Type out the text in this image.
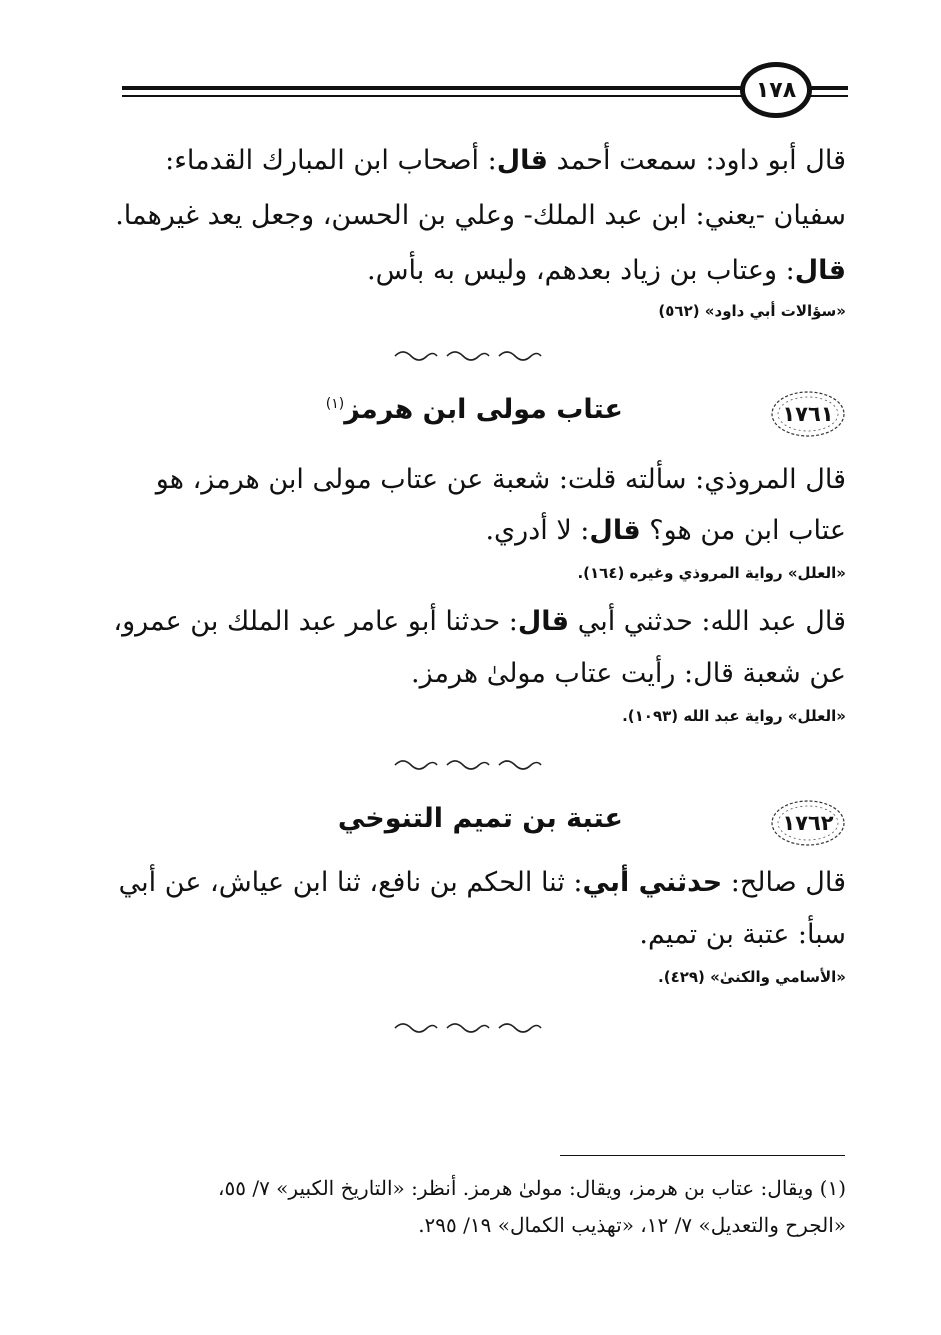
١٧٨
قال أبو داود: سمعت أحمد قال: أصحاب ابن المبارك القدماء:
سفيان -يعني: ابن عبد الملك- وعلي بن الحسن، وجعل يعد غيرهما.
قال: وعتاب بن زياد بعدهم، وليس به بأس.
«سؤالات أبي داود» (٥٦٢)
١٧٦١
عتاب مولى ابن هرمز$^{(١)}$
قال المروذي: سألته قلت: شعبة عن عتاب مولى ابن هرمز، هو
عتاب ابن من هو؟ قال: لا أدري.
«العلل» رواية المروذي وغيره (١٦٤).
قال عبد الله: حدثني أبي قال: حدثنا أبو عامر عبد الملك بن عمرو،
عن شعبة قال: رأيت عتاب مولىٰ هرمز.
«العلل» رواية عبد الله (١٠٩٣).
١٧٦٢
عتبة بن تميم التنوخي
قال صالح: حدثني أبي: ثنا الحكم بن نافع، ثنا ابن عياش، عن أبي
سبأ: عتبة بن تميم.
«الأسامي والكنىٰ» (٤٢٩).
(١) ويقال: عتاب بن هرمز، ويقال: مولىٰ هرمز. أنظر: «التاريخ الكبير» ٧/ ٥٥،
«الجرح والتعديل» ٧/ ١٢، «تهذيب الكمال» ١٩/ ٢٩٥.
